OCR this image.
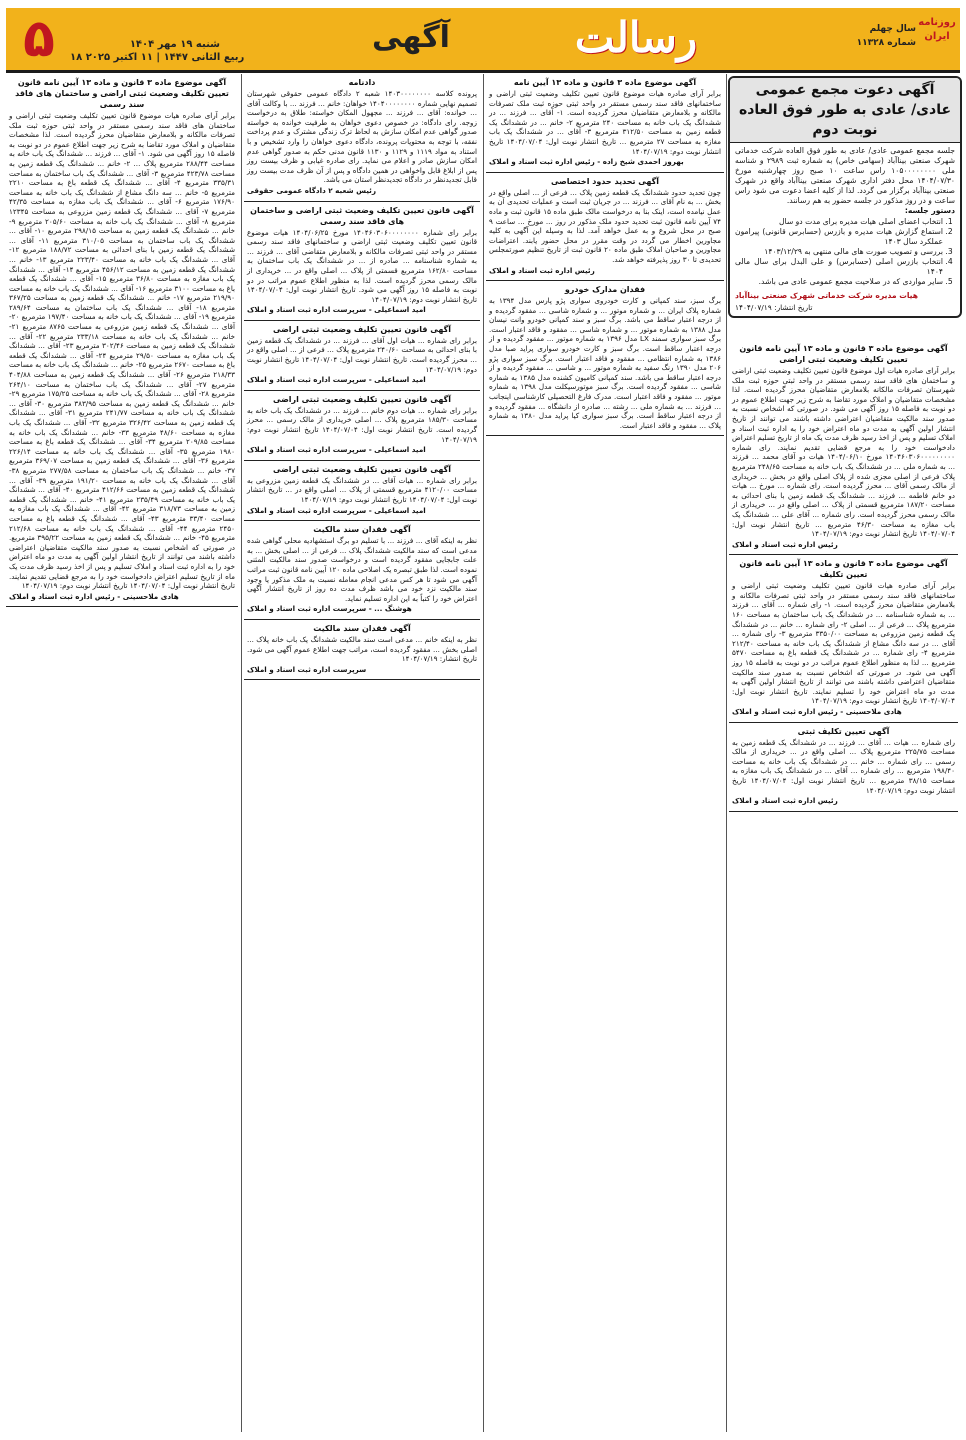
۵	شنبه ۱۹ مهر ۱۴۰۴
۱۸ ربیع الثانی ۱۴۴۷ | ۱۱ اکتبر ۲۰۲۵
آگهی	رسالت	سال چهلم
شماره ۱۱۳۲۸
روزنامه ایران
آگهی دعوت مجمع عمومی عادی/ عادی به طور فوق العاده نوبت دوم
جلسه مجمع عمومی عادی/ عادی به طور فوق العاده شرکت خدماتی شهرک صنعتی بیناآباد (سهامی خاص) به شماره ثبت ۲۹۸۹ و شناسه ملی ۱۰۵۰۰۰۰۰۰۰۰ راس ساعت ۱۰ صبح روز چهارشنبه مورخ ۱۴۰۴/۰۷/۳۰ محل دفتر اداری شهرک صنعتی بیناآباد واقع در شهرک صنعتی بیناآباد برگزار می گردد. لذا از کلیه اعضا دعوت می شود راس ساعت و در روز مذکور در جلسه حضور به هم رسانند.
دستور جلسه:
1. انتخاب اعضای اصلی هیات مدیره برای مدت دو سال
2. استماع گزارش هیات مدیره و بازرس (حسابرس قانونی) پیرامون عملکرد سال ۱۴۰۳
3. بررسی و تصویب صورت های مالی منتهی به ۱۴۰۳/۱۲/۲۹
4. انتخاب بازرس اصلی (حسابرس) و علی البدل برای سال مالی ۱۴۰۴
5. سایر مواردی که در صلاحیت مجمع عمومی عادی می باشد.
هیات مدیره شرکت خدماتی شهرک صنعتی بیناآباد
تاریخ انتشار: ۱۴۰۴/۰۷/۱۹
آگهی موضوع ماده ۳ قانون و ماده ۱۳ آیین نامه قانون تعیین تکلیف وضعیت ثبتی اراضی و ساختمان های فاقد سند رسمی

برابر آرای صادره هیات موضوع قانون تعیین تکلیف وضعیت ثبتی اراضی و ساختمان های فاقد سند رسمی مستقر در واحد ثبتی حوزه ثبت ملک تصرفات مالکانه و بلامعارض متقاضیان محرز گردیده است. لذا مشخصات متقاضیان و املاک مورد تقاضا به شرح زیر جهت اطلاع عموم در دو نوبت به فاصله ۱۵ روز آگهی می شود. ۱- آقای ... فرزند ... ششدانگ یک باب خانه به مساحت ۲۸۸/۴۴ مترمربع پلاک ... ۲- خانم ... ششدانگ یک قطعه زمین به مساحت ۴۲۳/۷۸ مترمربع ۳- آقای ... ششدانگ یک باب ساختمان به مساحت ۳۳۵/۳۱ مترمربع ۴- آقای ... ششدانگ یک قطعه باغ به مساحت ۲۲۱۰ مترمربع ۵- خانم ... سه دانگ مشاع از ششدانگ یک باب خانه به مساحت ۱۷۶/۹۰ مترمربع ۶- آقای ... ششدانگ یک باب مغازه به مساحت ۴۲/۳۵ مترمربع ۷- آقای ... ششدانگ یک قطعه زمین مزروعی به مساحت ۱۲۳۴۵ مترمربع ۸- آقای ... ششدانگ یک باب خانه به مساحت ۲۰۵/۶۰ مترمربع ۹- خانم ... ششدانگ یک قطعه زمین به مساحت ۲۹۸/۱۵ مترمربع ۱۰- آقای ... ششدانگ یک باب ساختمان به مساحت ۳۱۰/۰۵ مترمربع ۱۱- آقای ... ششدانگ یک قطعه زمین با بنای احداثی به مساحت ۱۸۸/۷۲ مترمربع ۱۲- آقای ... ششدانگ یک باب خانه به مساحت ۲۲۳/۴۰ مترمربع ۱۳- خانم ... ششدانگ یک قطعه زمین به مساحت ۴۵۶/۱۲ مترمربع ۱۴- آقای ... ششدانگ یک باب مغازه به مساحت ۳۶/۸۰ مترمربع ۱۵- آقای ... ششدانگ یک قطعه باغ به مساحت ۳۱۰۰ مترمربع ۱۶- آقای ... ششدانگ یک باب خانه به مساحت ۲۱۹/۹۰ مترمربع ۱۷- خانم ... ششدانگ یک قطعه زمین به مساحت ۳۶۷/۲۵ مترمربع ۱۸- آقای ... ششدانگ یک باب ساختمان به مساحت ۲۸۹/۶۴ مترمربع ۱۹- آقای ... ششدانگ یک باب خانه به مساحت ۱۹۷/۴۰ مترمربع ۲۰- آقای ... ششدانگ یک قطعه زمین مزروعی به مساحت ۸۷۶۵ مترمربع ۲۱- خانم ... ششدانگ یک باب خانه به مساحت ۲۳۳/۱۸ مترمربع ۲۲- آقای ... ششدانگ یک قطعه زمین به مساحت ۳۰۲/۴۶ مترمربع ۲۳- آقای ... ششدانگ یک باب مغازه به مساحت ۲۹/۵۰ مترمربع ۲۴- آقای ... ششدانگ یک قطعه باغ به مساحت ۲۶۷۰ مترمربع ۲۵- خانم ... ششدانگ یک باب خانه به مساحت ۲۱۸/۳۳ مترمربع ۲۶- آقای ... ششدانگ یک قطعه زمین به مساحت ۴۰۴/۸۸ مترمربع ۲۷- آقای ... ششدانگ یک باب ساختمان به مساحت ۲۶۴/۱۰ مترمربع ۲۸- آقای ... ششدانگ یک باب خانه به مساحت ۱۷۵/۲۵ مترمربع ۲۹- خانم ... ششدانگ یک قطعه زمین به مساحت ۳۸۳/۹۵ مترمربع ۳۰- آقای ... ششدانگ یک باب خانه به مساحت ۲۴۱/۷۷ مترمربع ۳۱- آقای ... ششدانگ یک قطعه زمین به مساحت ۳۲۶/۴۲ مترمربع ۳۲- آقای ... ششدانگ یک باب مغازه به مساحت ۴۸/۶۰ مترمربع ۳۳- خانم ... ششدانگ یک باب خانه به مساحت ۲۰۹/۸۵ مترمربع ۳۴- آقای ... ششدانگ یک قطعه باغ به مساحت ۱۹۸۰ مترمربع ۳۵- آقای ... ششدانگ یک باب خانه به مساحت ۲۲۶/۱۴ مترمربع ۳۶- آقای ... ششدانگ یک قطعه زمین به مساحت ۳۶۹/۰۷ مترمربع ۳۷- خانم ... ششدانگ یک باب ساختمان به مساحت ۲۷۷/۵۸ مترمربع ۳۸- آقای ... ششدانگ یک باب خانه به مساحت ۱۹۱/۲۰ مترمربع ۳۹- آقای ... ششدانگ یک قطعه زمین به مساحت ۴۱۲/۶۶ مترمربع ۴۰- آقای ... ششدانگ یک باب خانه به مساحت ۲۳۵/۴۹ مترمربع ۴۱- خانم ... ششدانگ یک قطعه زمین به مساحت ۳۱۸/۷۳ مترمربع ۴۲- آقای ... ششدانگ یک باب مغازه به مساحت ۳۳/۴۰ مترمربع ۴۳- آقای ... ششدانگ یک قطعه باغ به مساحت ۲۴۵۰ مترمربع ۴۴- آقای ... ششدانگ یک باب خانه به مساحت ۲۱۲/۶۸ مترمربع ۴۵- خانم ... ششدانگ یک قطعه زمین به مساحت ۳۹۵/۲۲ مترمربع. در صورتی که اشخاص نسبت به صدور سند مالکیت متقاضیان اعتراضی داشته باشند می توانند از تاریخ انتشار اولین آگهی به مدت دو ماه اعتراض خود را به اداره ثبت اسناد و املاک تسلیم و پس از اخذ رسید ظرف مدت یک ماه از تاریخ تسلیم اعتراض دادخواست خود را به مرجع قضایی تقدیم نمایند. تاریخ انتشار نوبت اول: ۱۴۰۴/۰۷/۰۴ تاریخ انتشار نوبت دوم: ۱۴۰۴/۰۷/۱۹

هادی ملاحسینی - رئیس اداره ثبت اسناد و املاک
دادنامه

پرونده کلاسه ۱۴۰۳۰۰۰۰۰۰۰۰ شعبه ۲ دادگاه عمومی حقوقی شهرستان تصمیم نهایی شماره ۱۴۰۴۰۰۰۰۰۰۰۰ خواهان: خانم ... فرزند ... با وکالت آقای ... خوانده: آقای ... فرزند ... مجهول المکان خواسته: طلاق به درخواست زوجه. رای دادگاه: در خصوص دعوی خواهان به طرفیت خوانده به خواسته صدور گواهی عدم امکان سازش به لحاظ ترک زندگی مشترک و عدم پرداخت نفقه، با توجه به محتویات پرونده، دادگاه دعوی خواهان را وارد تشخیص و با استناد به مواد ۱۱۱۹ و ۱۱۲۹ و ۱۱۳۰ قانون مدنی حکم به صدور گواهی عدم امکان سازش صادر و اعلام می نماید. رای صادره غیابی و ظرف بیست روز پس از ابلاغ قابل واخواهی در همین دادگاه و پس از آن ظرف مدت بیست روز قابل تجدیدنظر در دادگاه تجدیدنظر استان می باشد.

رئیس شعبه ۲ دادگاه عمومی حقوقی
آگهی قانون تعیین تکلیف وضعیت ثبتی اراضی و ساختمان های فاقد سند رسمی

برابر رای شماره ۱۴۰۴۶۰۳۰۶۰۰۰۰۰۰۰۰ مورخ ۱۴۰۴/۰۶/۲۵ هیات موضوع قانون تعیین تکلیف وضعیت ثبتی اراضی و ساختمانهای فاقد سند رسمی مستقر در واحد ثبتی تصرفات مالکانه و بلامعارض متقاضی آقای ... فرزند ... به شماره شناسنامه ... صادره از ... در ششدانگ یک باب ساختمان به مساحت ۱۶۲/۸۰ مترمربع قسمتی از پلاک ... اصلی واقع در ... خریداری از مالک رسمی محرز گردیده است. لذا به منظور اطلاع عموم مراتب در دو نوبت به فاصله ۱۵ روز آگهی می شود. تاریخ انتشار نوبت اول: ۱۴۰۴/۰۷/۰۴ تاریخ انتشار نوبت دوم: ۱۴۰۴/۰۷/۱۹

امید اسماعیلی - سرپرست اداره ثبت اسناد و املاک
آگهی قانون تعیین تکلیف وضعیت ثبتی اراضی

برابر رای شماره ... هیات اول آقای ... فرزند ... در ششدانگ یک قطعه زمین با بنای احداثی به مساحت ۲۴۰/۶۰ مترمربع پلاک ... فرعی از ... اصلی واقع در ... محرز گردیده است. تاریخ انتشار نوبت اول: ۱۴۰۴/۰۷/۰۴ تاریخ انتشار نوبت دوم: ۱۴۰۴/۰۷/۱۹

امید اسماعیلی - سرپرست اداره ثبت اسناد و املاک
آگهی قانون تعیین تکلیف وضعیت ثبتی اراضی

برابر رای شماره ... هیات دوم خانم ... فرزند ... در ششدانگ یک باب خانه به مساحت ۱۸۵/۳۰ مترمربع پلاک ... اصلی خریداری از مالک رسمی ... محرز گردیده است. تاریخ انتشار نوبت اول: ۱۴۰۴/۰۷/۰۴ تاریخ انتشار نوبت دوم: ۱۴۰۴/۰۷/۱۹

امید اسماعیلی - سرپرست اداره ثبت اسناد و املاک
آگهی قانون تعیین تکلیف وضعیت ثبتی اراضی

برابر رای شماره ... هیات آقای ... در ششدانگ یک قطعه زمین مزروعی به مساحت ۴۱۲۰/۰۰ مترمربع قسمتی از پلاک ... اصلی واقع در ... تاریخ انتشار نوبت اول: ۱۴۰۴/۰۷/۰۴ تاریخ انتشار نوبت دوم: ۱۴۰۴/۰۷/۱۹

امید اسماعیلی - سرپرست اداره ثبت اسناد و املاک
آگهی فقدان سند مالکیت

نظر به اینکه آقای ... فرزند ... با تسلیم دو برگ استشهادیه محلی گواهی شده مدعی است که سند مالکیت ششدانگ پلاک ... فرعی از ... اصلی بخش ... به علت جابجایی مفقود گردیده است و درخواست صدور سند مالکیت المثنی نموده است. لذا طبق تبصره یک اصلاحی ماده ۱۲۰ آیین نامه قانون ثبت مراتب آگهی می شود تا هر کس مدعی انجام معامله نسبت به ملک مذکور یا وجود سند مالکیت نزد خود می باشد ظرف مدت ده روز از تاریخ انتشار آگهی اعتراض خود را کتباً به این اداره تسلیم نماید.

هوشنگ ... - سرپرست اداره ثبت اسناد و املاک
آگهی فقدان سند مالکیت

نظر به اینکه خانم ... مدعی است سند مالکیت ششدانگ یک باب خانه پلاک ... اصلی بخش ... مفقود گردیده است، مراتب جهت اطلاع عموم آگهی می شود. تاریخ انتشار: ۱۴۰۴/۰۷/۱۹

سرپرست اداره ثبت اسناد و املاک
آگهی موضوع ماده ۳ قانون و ماده ۱۳ آیین نامه

برابر آرای صادره هیات موضوع قانون تعیین تکلیف وضعیت ثبتی اراضی و ساختمانهای فاقد سند رسمی مستقر در واحد ثبتی حوزه ثبت ملک تصرفات مالکانه و بلامعارض متقاضیان محرز گردیده است. ۱- آقای ... فرزند ... در ششدانگ یک باب خانه به مساحت ۲۴۰ مترمربع ۲- خانم ... در ششدانگ یک قطعه زمین به مساحت ۳۱۲/۵۰ مترمربع ۳- آقای ... در ششدانگ یک باب مغازه به مساحت ۲۷ مترمربع ... تاریخ انتشار نوبت اول: ۱۴۰۴/۰۷/۰۴ تاریخ انتشار نوبت دوم: ۱۴۰۴/۰۷/۱۹

بهروز احمدی شیخ زاده - رئیس اداره ثبت اسناد و املاک
آگهی تحدید حدود اختصاصی

چون تحدید حدود ششدانگ یک قطعه زمین پلاک ... فرعی از ... اصلی واقع در بخش ... به نام آقای ... فرزند ... در جریان ثبت است و عملیات تحدیدی آن به عمل نیامده است، اینک بنا به درخواست مالک طبق ماده ۱۵ قانون ثبت و ماده ۷۴ آیین نامه قانون ثبت تحدید حدود ملک مذکور در روز ... مورخ ... ساعت ۹ صبح در محل شروع و به عمل خواهد آمد. لذا به وسیله این آگهی به کلیه مجاورین اخطار می گردد در وقت مقرر در محل حضور یابند. اعتراضات مجاورین و صاحبان املاک طبق ماده ۲۰ قانون ثبت از تاریخ تنظیم صورتمجلس تحدیدی تا ۳۰ روز پذیرفته خواهد شد.

رئیس اداره ثبت اسناد و املاک
فقدان مدارک خودرو

برگ سبز، سند کمپانی و کارت خودروی سواری پژو پارس مدل ۱۳۹۴ به شماره پلاک ایران ... و شماره موتور ... و شماره شاسی ... مفقود گردیده و از درجه اعتبار ساقط می باشد. برگ سبز و سند کمپانی خودرو وانت نیسان مدل ۱۳۸۸ به شماره موتور ... و شماره شاسی ... مفقود و فاقد اعتبار است. برگ سبز سواری سمند LX مدل ۱۳۹۶ به شماره موتور ... مفقود گردیده و از درجه اعتبار ساقط است. برگ سبز و کارت خودرو سواری پراید صبا مدل ۱۳۸۶ به شماره انتظامی ... مفقود و فاقد اعتبار است. برگ سبز سواری پژو ۲۰۶ مدل ۱۳۹۰ رنگ سفید به شماره موتور ... و شاسی ... مفقود گردیده و از درجه اعتبار ساقط می باشد. سند کمپانی کامیون کشنده مدل ۱۳۸۵ به شماره شاسی ... مفقود گردیده است. برگ سبز موتورسیکلت مدل ۱۳۹۸ به شماره موتور ... مفقود و فاقد اعتبار است. مدرک فارغ التحصیلی کارشناسی اینجانب ... فرزند ... به شماره ملی ... رشته ... صادره از دانشگاه ... مفقود گردیده و از درجه اعتبار ساقط است. برگ سبز سواری کیا پراید مدل ۱۳۸۰ به شماره پلاک ... مفقود و فاقد اعتبار است.

آگهی موضوع ماده ۳ قانون و ماده ۱۳ آیین نامه قانون تعیین تکلیف وضعیت ثبتی اراضی

برابر آرای صادره هیات اول موضوع قانون تعیین تکلیف وضعیت ثبتی اراضی و ساختمان های فاقد سند رسمی مستقر در واحد ثبتی حوزه ثبت ملک شهرستان تصرفات مالکانه بلامعارض متقاضیان محرز گردیده است. لذا مشخصات متقاضیان و املاک مورد تقاضا به شرح زیر جهت اطلاع عموم در دو نوبت به فاصله ۱۵ روز آگهی می شود. در صورتی که اشخاص نسبت به صدور سند مالکیت متقاضیان اعتراضی داشته باشند می توانند از تاریخ انتشار اولین آگهی به مدت دو ماه اعتراض خود را به اداره ثبت اسناد و املاک تسلیم و پس از اخذ رسید ظرف مدت یک ماه از تاریخ تسلیم اعتراض دادخواست خود را به مرجع قضایی تقدیم نمایند. رای شماره ۱۴۰۴۶۰۳۰۶۰۰۰۰۰۰۰۰۰ مورخ ۱۴۰۴/۰۶/۱۰ هیات دو آقای محمد ... فرزند ... به شماره ملی ... در ششدانگ یک باب خانه به مساحت ۲۴۸/۶۵ مترمربع پلاک فرعی از اصلی مجزی شده از پلاک اصلی واقع در بخش ... خریداری از مالک رسمی آقای ... محرز گردیده است. رای شماره ... مورخ ... هیات دو خانم فاطمه ... فرزند ... ششدانگ یک قطعه زمین با بنای احداثی به مساحت ۱۸۷/۲۰ مترمربع قسمتی از پلاک ... اصلی واقع در ... خریداری از مالک رسمی محرز گردیده است. رای شماره ... آقای علی ... ششدانگ یک باب مغازه به مساحت ۴۶/۳۰ مترمربع ... تاریخ انتشار نوبت اول: ۱۴۰۴/۰۷/۰۴ تاریخ انتشار نوبت دوم: ۱۴۰۴/۰۷/۱۹

رئیس اداره ثبت اسناد و املاک
آگهی موضوع ماده ۳ قانون و ماده ۱۳ آیین نامه قانون تعیین تکلیف

برابر آرای صادره هیات قانون تعیین تکلیف وضعیت ثبتی اراضی و ساختمانهای فاقد سند رسمی مستقر در واحد ثبتی تصرفات مالکانه و بلامعارض متقاضیان محرز گردیده است. ۱- رای شماره ... آقای ... فرزند ... به شماره شناسنامه ... در ششدانگ یک باب ساختمان به مساحت ۱۶۰ مترمربع پلاک ... فرعی از ... اصلی ۲- رای شماره ... خانم ... در ششدانگ یک قطعه زمین مزروعی به مساحت ۳۳۵۰/۰۰ مترمربع ۳- رای شماره ... آقای ... در سه دانگ مشاع از ششدانگ یک باب خانه به مساحت ۲۱۲/۴۰ مترمربع ۴- رای شماره ... در ششدانگ یک قطعه باغ به مساحت ۵۴۷۰ مترمربع ... لذا به منظور اطلاع عموم مراتب در دو نوبت به فاصله ۱۵ روز آگهی می شود. در صورتی که اشخاص نسبت به صدور سند مالکیت متقاضیان اعتراضی داشته باشند می توانند از تاریخ انتشار اولین آگهی به مدت دو ماه اعتراض خود را تسلیم نمایند. تاریخ انتشار نوبت اول: ۱۴۰۴/۰۷/۰۴ تاریخ انتشار نوبت دوم: ۱۴۰۴/۰۷/۱۹

هادی ملاحسینی - رئیس اداره ثبت اسناد و املاک
آگهی تعیین تکلیف ثبتی

رای شماره ... هیات ... آقای ... فرزند ... در ششدانگ یک قطعه زمین به مساحت ۲۲۵/۷۵ مترمربع پلاک ... اصلی واقع در ... خریداری از مالک رسمی ... رای شماره ... خانم ... در ششدانگ یک باب خانه به مساحت ۱۹۸/۴۰ مترمربع ... رای شماره ... آقای ... در ششدانگ یک باب مغازه به مساحت ۳۸/۱۵ مترمربع ... تاریخ انتشار نوبت اول: ۱۴۰۴/۰۷/۰۴ تاریخ انتشار نوبت دوم: ۱۴۰۴/۰۷/۱۹

رئیس اداره ثبت اسناد و املاک
